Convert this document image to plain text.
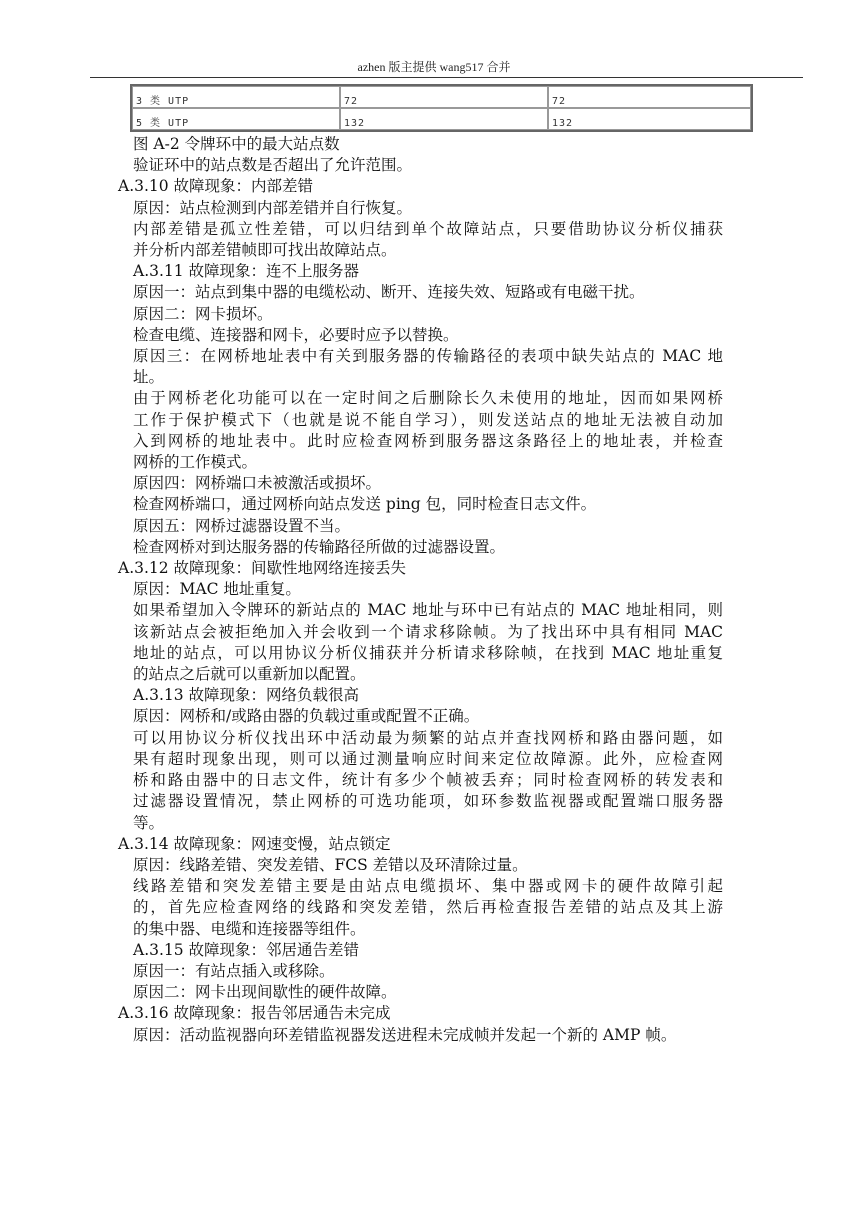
azhen 版主提供 wang517 合并
3 类 UTP	72	72
5 类 UTP	132	132
图 A-2 令牌环中的最大站点数
验证环中的站点数是否超出了允许范围。
A.3.10 故障现象：内部差错
原因：站点检测到内部差错并自行恢复。
内部差错是孤立性差错，可以归结到单个故障站点，只要借助协议分析仪捕获
并分析内部差错帧即可找出故障站点。
A.3.11 故障现象：连不上服务器
原因一：站点到集中器的电缆松动、断开、连接失效、短路或有电磁干扰。
原因二：网卡损坏。
检查电缆、连接器和网卡，必要时应予以替换。
原因三：在网桥地址表中有关到服务器的传输路径的表项中缺失站点的 MAC 地
址。
由于网桥老化功能可以在一定时间之后删除长久未使用的地址，因而如果网桥
工作于保护模式下（也就是说不能自学习），则发送站点的地址无法被自动加
入到网桥的地址表中。此时应检查网桥到服务器这条路径上的地址表，并检查
网桥的工作模式。
原因四：网桥端口未被激活或损坏。
检查网桥端口，通过网桥向站点发送 ping 包，同时检查日志文件。
原因五：网桥过滤器设置不当。
检查网桥对到达服务器的传输路径所做的过滤器设置。
A.3.12 故障现象：间歇性地网络连接丢失
原因：MAC 地址重复。
如果希望加入令牌环的新站点的 MAC 地址与环中已有站点的 MAC 地址相同，则
该新站点会被拒绝加入并会收到一个请求移除帧。为了找出环中具有相同 MAC
地址的站点，可以用协议分析仪捕获并分析请求移除帧，在找到 MAC 地址重复
的站点之后就可以重新加以配置。
A.3.13 故障现象：网络负载很高
原因：网桥和/或路由器的负载过重或配置不正确。
可以用协议分析仪找出环中活动最为频繁的站点并查找网桥和路由器问题，如
果有超时现象出现，则可以通过测量响应时间来定位故障源。此外，应检查网
桥和路由器中的日志文件，统计有多少个帧被丢弃；同时检查网桥的转发表和
过滤器设置情况，禁止网桥的可选功能项，如环参数监视器或配置端口服务器
等。
A.3.14 故障现象：网速变慢，站点锁定
原因：线路差错、突发差错、FCS 差错以及环清除过量。
线路差错和突发差错主要是由站点电缆损坏、集中器或网卡的硬件故障引起
的，首先应检查网络的线路和突发差错，然后再检查报告差错的站点及其上游
的集中器、电缆和连接器等组件。
A.3.15 故障现象：邻居通告差错
原因一：有站点插入或移除。
原因二：网卡出现间歇性的硬件故障。
A.3.16 故障现象：报告邻居通告未完成
原因：活动监视器向环差错监视器发送进程未完成帧并发起一个新的 AMP 帧。
